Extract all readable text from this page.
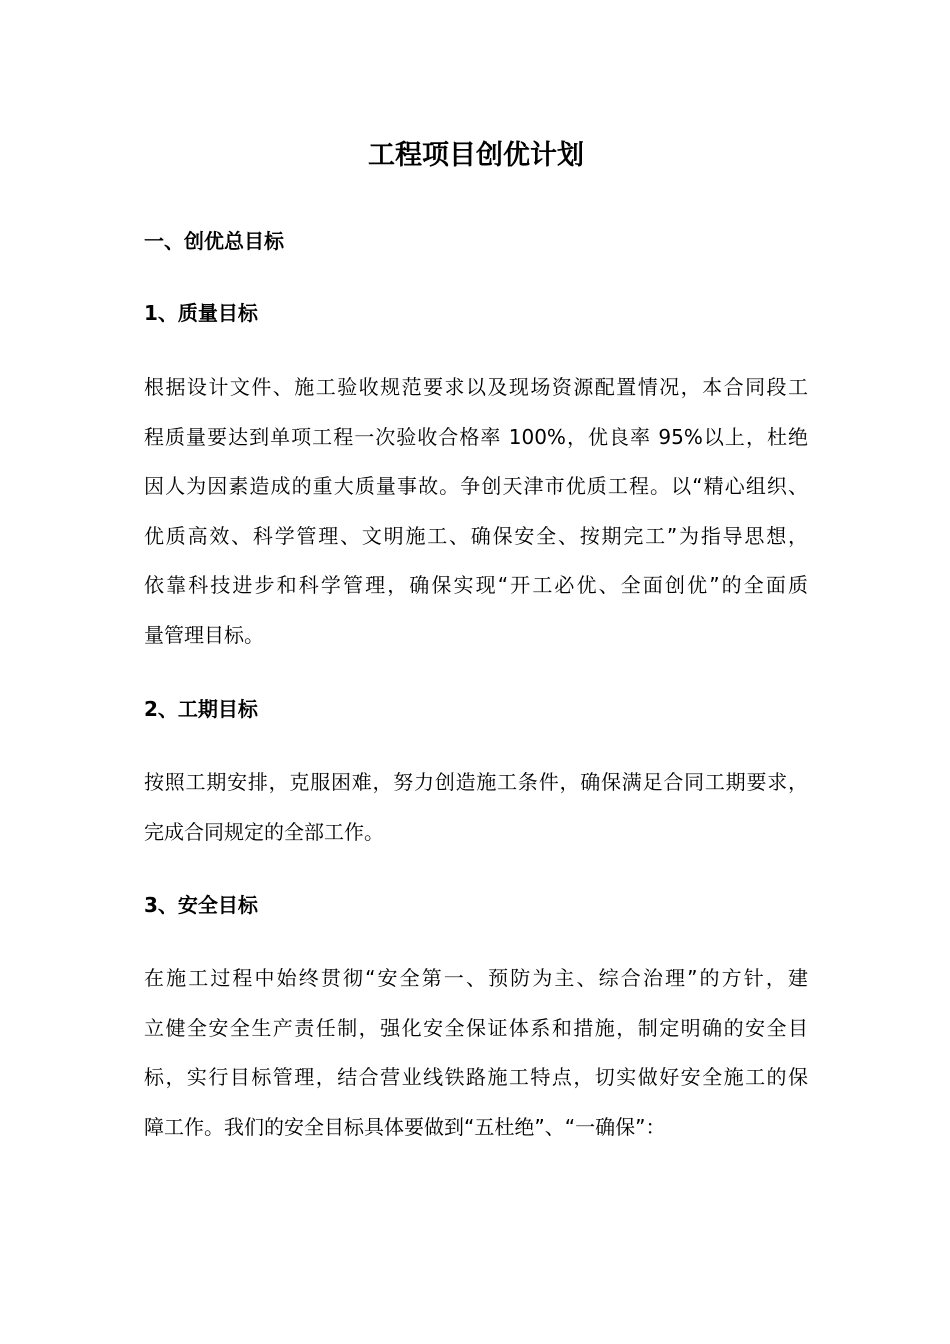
工程项目创优计划
一、创优总目标
1、质量目标
根据设计文件、施工验收规范要求以及现场资源配置情况，本合同段工
程质量要达到单项工程一次验收合格率 100%，优良率 95%以上，杜绝
因人为因素造成的重大质量事故。争创天津市优质工程。以“精心组织、
优质高效、科学管理、文明施工、确保安全、按期完工”为指导思想，
依靠科技进步和科学管理，确保实现“开工必优、全面创优”的全面质
量管理目标。
2、工期目标
按照工期安排，克服困难，努力创造施工条件，确保满足合同工期要求，
完成合同规定的全部工作。
3、安全目标
在施工过程中始终贯彻“安全第一、预防为主、综合治理”的方针，建
立健全安全生产责任制，强化安全保证体系和措施，制定明确的安全目
标，实行目标管理，结合营业线铁路施工特点，切实做好安全施工的保
障工作。我们的安全目标具体要做到“五杜绝”、“一确保”：
